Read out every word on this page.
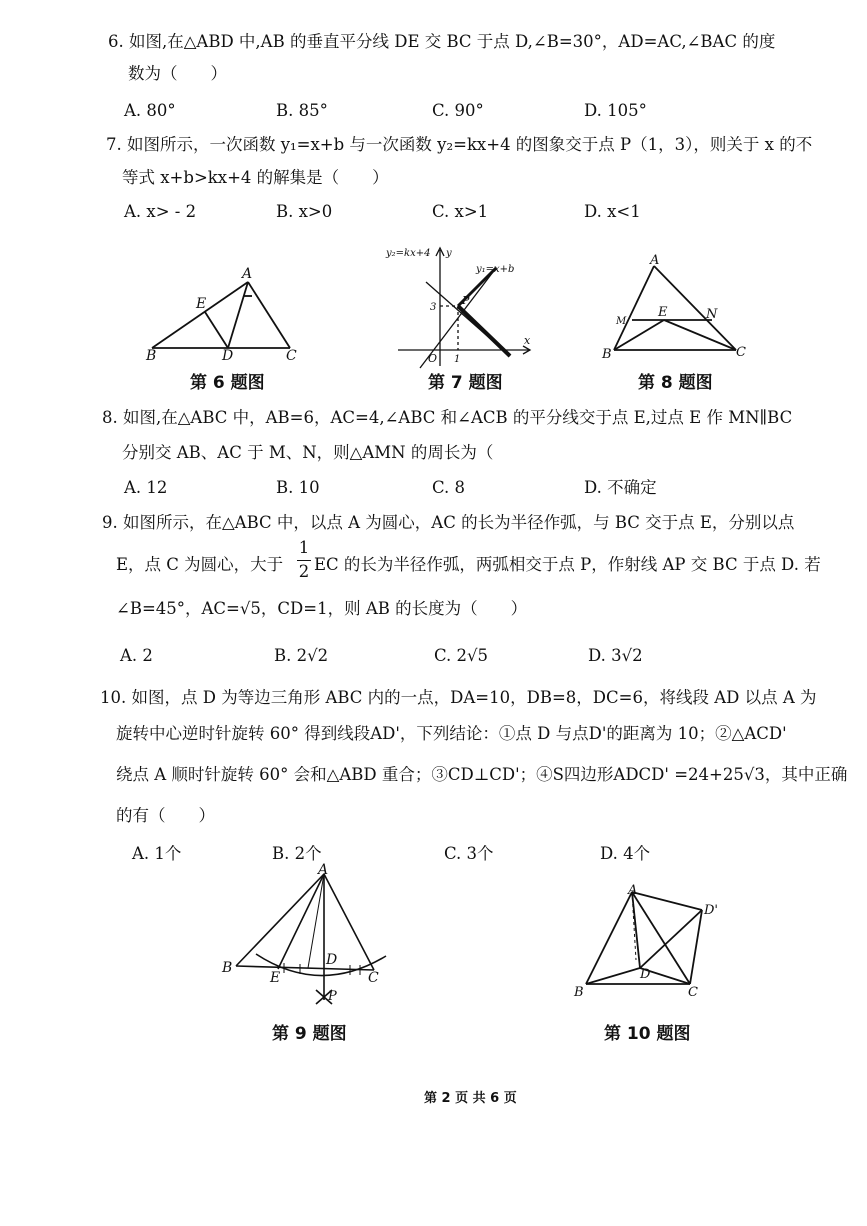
6. 如图,在△ABD 中,AB 的垂直平分线 DE 交 BC 于点 D,∠B=30°，AD=AC,∠BAC 的度
数为（　　）
A. 80°	B. 85°	C. 90°	D. 105°
7. 如图所示，一次函数 y₁=x+b 与一次函数 y₂=kx+4 的图象交于点 P（1，3），则关于 x 的不
等式 x+b>kx+4 的解集是（　　）
A. x> - 2	B. x>0	C. x>1	D. x<1
A
E
B	D	C
第 6 题图
y₂=kx+4 y
y₁=x+b
P
3
O 1
x
第 7 题图
A
M
E	N
B	C
第 8 题图
8. 如图,在△ABC 中，AB=6，AC=4,∠ABC 和∠ACB 的平分线交于点 E,过点 E 作 MN∥BC
分别交 AB、AC 于 M、N，则△AMN 的周长为（
A. 12	B. 10	C. 8	D. 不确定
9. 如图所示，在△ABC 中，以点 A 为圆心，AC 的长为半径作弧，与 BC 交于点 E，分别以点
E，点 C 为圆心，大于
1
2 EC 的长为半径作弧，两弧相交于点 P，作射线 AP 交 BC 于点 D. 若
∠B=45°，AC=√5，CD=1，则 AB 的长度为（　　）
A. 2	B. 2√2	C. 2√5	D. 3√2
10. 如图，点 D 为等边三角形 ABC 内的一点，DA=10，DB=8，DC=6，将线段 AD 以点 A 为
旋转中心逆时针旋转 60° 得到线段AD'，下列结论：①点 D 与点D'的距离为 10；②△ACD'
绕点 A 顺时针旋转 60° 会和△ABD 重合；③CD⊥CD'；④S四边形ADCD' =24+25√3，其中正确
的有（　　）
A. 1个	B. 2个	C. 3个	D. 4个
A
B
C
D
E
P
第 9 题图
A
D'
D
B	C
第 10 题图
第 2 页 共 6 页
